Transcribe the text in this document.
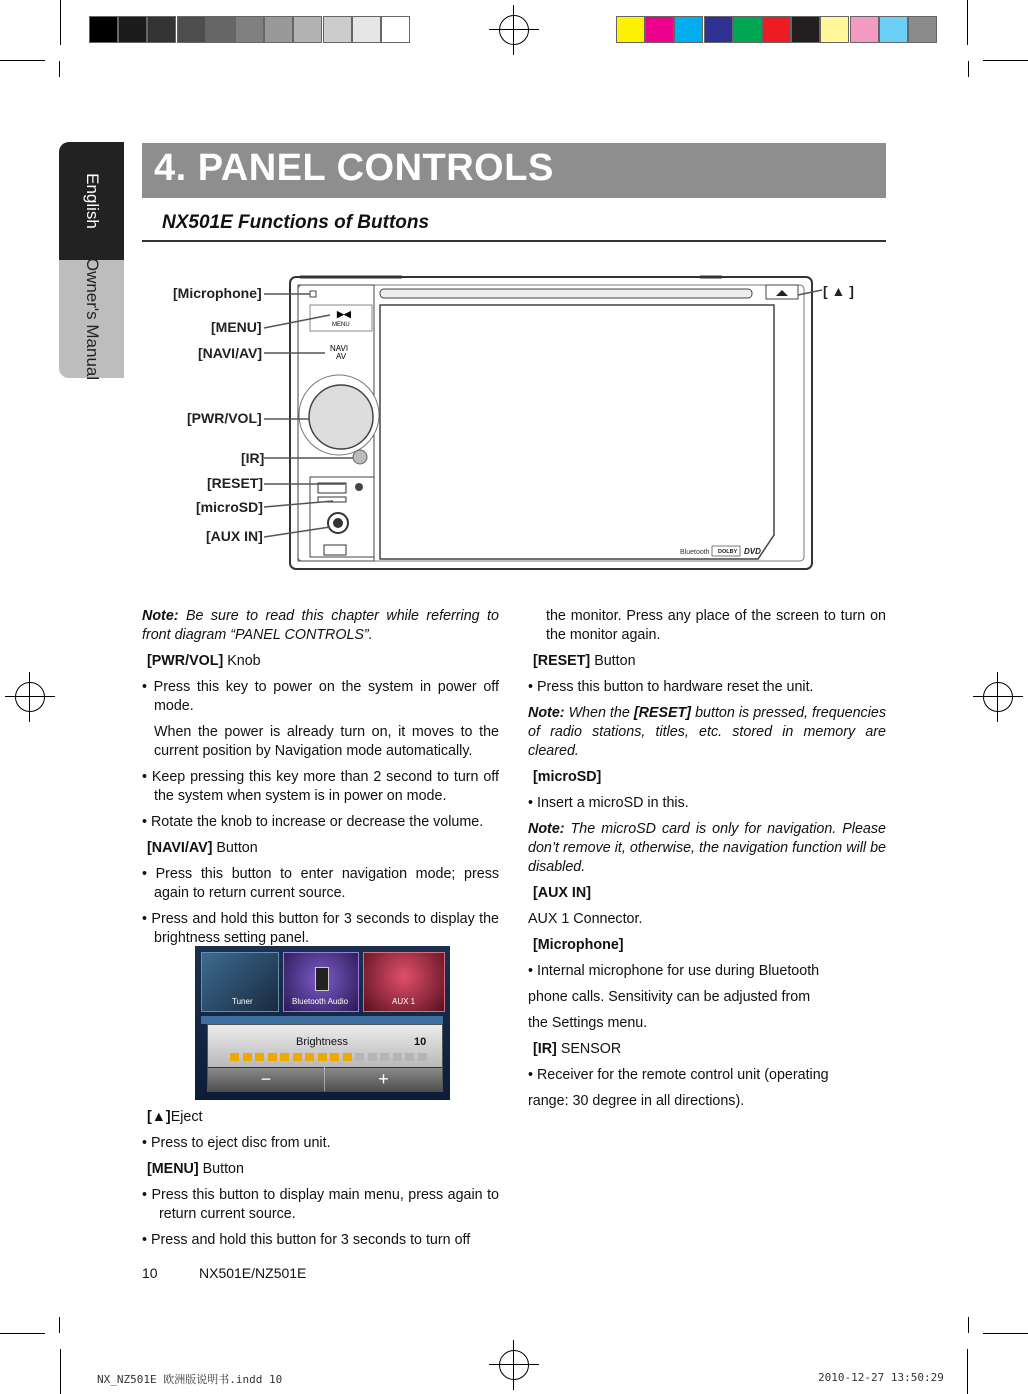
English
Owner's Manual
4. PANEL CONTROLS
NX501E Functions of Buttons
▶◀
MENU
NAVI
AV
Bluetooth DOLBY DVD
[Microphone]
[MENU]
[NAVI/AV]
[PWR/VOL]
[IR]
[RESET]
[microSD]
[AUX IN]
[ ▲ ]

Note: Be sure to read this chapter while referring to front diagram “PANEL CONTROLS”.

[PWR/VOL] Knob

• Press this key to power on the system in power off mode.

When the power is already turn on, it moves to the current position by Navigation mode automatically.

• Keep pressing this key more than 2 second to turn off the system when system is in power on mode.

• Rotate the knob to increase or decrease the volume.

[NAVI/AV] Button

• Press this button to enter navigation mode; press again to return current source.

• Press and hold this button for 3 seconds to display the brightness setting panel.

Tuner	Bluetooth Audio	AUX 1
Brightness	10
−	+

[▲]Eject

• Press to eject disc from unit.

[MENU] Button

• Press this button to display main menu, press again to return current source.

• Press and hold this button for 3 seconds to turn off

the monitor. Press any place of the screen to turn on the monitor again.

[RESET] Button

• Press this button to hardware reset the unit.

Note: When the [RESET] button is pressed, frequencies of radio stations, titles, etc. stored in memory are cleared.

[microSD]

• Insert a microSD in this.

Note: The microSD card is only for navigation. Please don’t remove it, otherwise, the navigation function will be disabled.

[AUX IN]

AUX 1 Connector.

[Microphone]

• Internal microphone for use during Bluetooth

phone calls. Sensitivity can be adjusted from

the Settings menu.

[IR] SENSOR

• Receiver for the remote control unit (operating

range: 30 degree in all directions).

10	NX501E/NZ501E
NX_NZ501E 欧洲版说明书.indd 10	2010-12-27 13:50:29
